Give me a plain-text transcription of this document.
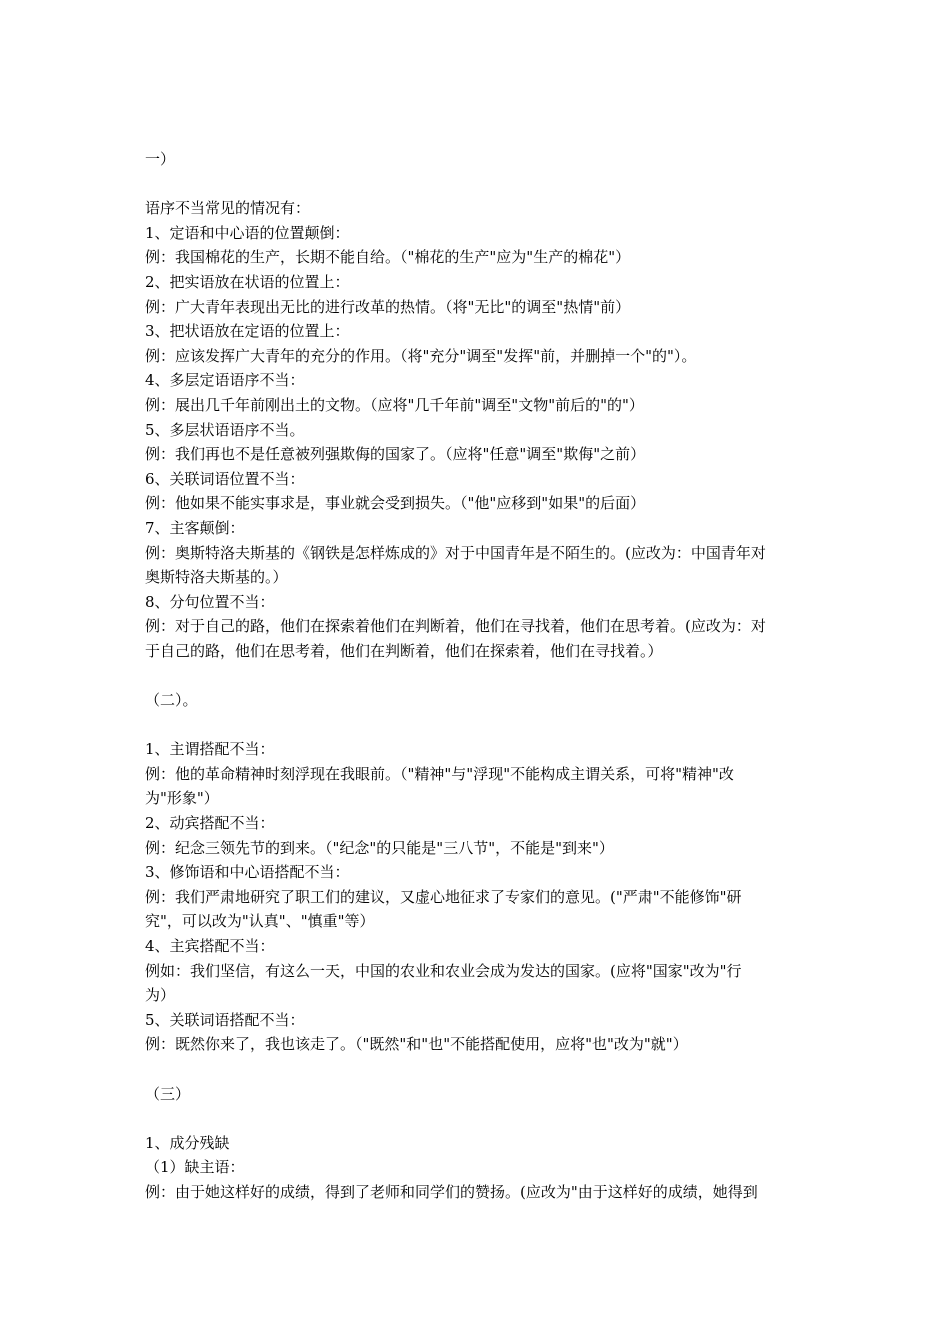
一）
语序不当常见的情况有：
1、定语和中心语的位置颠倒：
例：我国棉花的生产，长期不能自给。（"棉花的生产"应为"生产的棉花"）
2、把实语放在状语的位置上：
例：广大青年表现出无比的进行改革的热情。（将"无比"的调至"热情"前）
3、把状语放在定语的位置上：
例：应该发挥广大青年的充分的作用。（将"充分"调至"发挥"前，并删掉一个"的"）。
4、多层定语语序不当：
例：展出几千年前刚出土的文物。（应将"几千年前"调至"文物"前后的"的"）
5、多层状语语序不当。
例：我们再也不是任意被列强欺侮的国家了。（应将"任意"调至"欺侮"之前）
6、关联词语位置不当：
例：他如果不能实事求是，事业就会受到损失。（"他"应移到"如果"的后面）
7、主客颠倒：
例：奥斯特洛夫斯基的《钢铁是怎样炼成的》对于中国青年是不陌生的。(应改为：中国青年对
奥斯特洛夫斯基的。）
8、分句位置不当：
例：对于自己的路，他们在探索着他们在判断着，他们在寻找着，他们在思考着。(应改为：对
于自己的路，他们在思考着，他们在判断着，他们在探索着，他们在寻找着。）
（二）。
1、主谓搭配不当：
例：他的革命精神时刻浮现在我眼前。（"精神"与"浮现"不能构成主谓关系，可将"精神"改
为"形象"）
2、动宾搭配不当：
例：纪念三领先节的到来。（"纪念"的只能是"三八节"，不能是"到来"）
3、修饰语和中心语搭配不当：
例：我们严肃地研究了职工们的建议，又虚心地征求了专家们的意见。("严肃"不能修饰"研
究"，可以改为"认真"、"慎重"等）
4、主宾搭配不当：
例如：我们坚信，有这么一天，中国的农业和农业会成为发达的国家。(应将"国家"改为"行
为）
5、关联词语搭配不当：
例：既然你来了，我也该走了。（"既然"和"也"不能搭配使用，应将"也"改为"就"）
（三）
1、成分残缺
（1）缺主语：
例：由于她这样好的成绩，得到了老师和同学们的赞扬。(应改为"由于这样好的成绩，她得到
